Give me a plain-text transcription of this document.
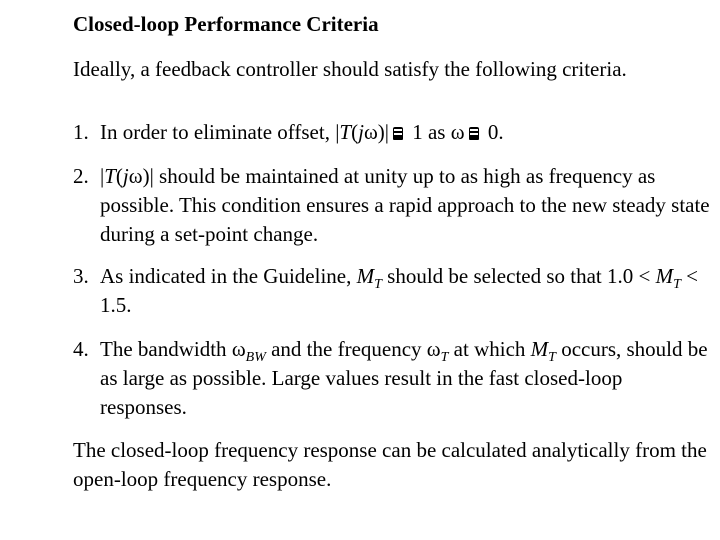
Closed-loop Performance Criteria

Ideally, a feedback controller should satisfy the following criteria.

1. In order to eliminate offset, |T(jω)| 1 as ω 0.
2. |T(jω)| should be maintained at unity up to as high as frequency as possible. This condition ensures a rapid approach to the new steady state during a set-point change.
3. As indicated in the Guideline, $M_T$ should be selected so that $1.0 < M_T < 1.5$.
4. The bandwidth $\omega_{BW}$ and the frequency $\omega_T$ at which $M_T$ occurs, should be as large as possible. Large values result in the fast closed-loop responses.

The closed-loop frequency response can be calculated analytically from the open-loop frequency response.
